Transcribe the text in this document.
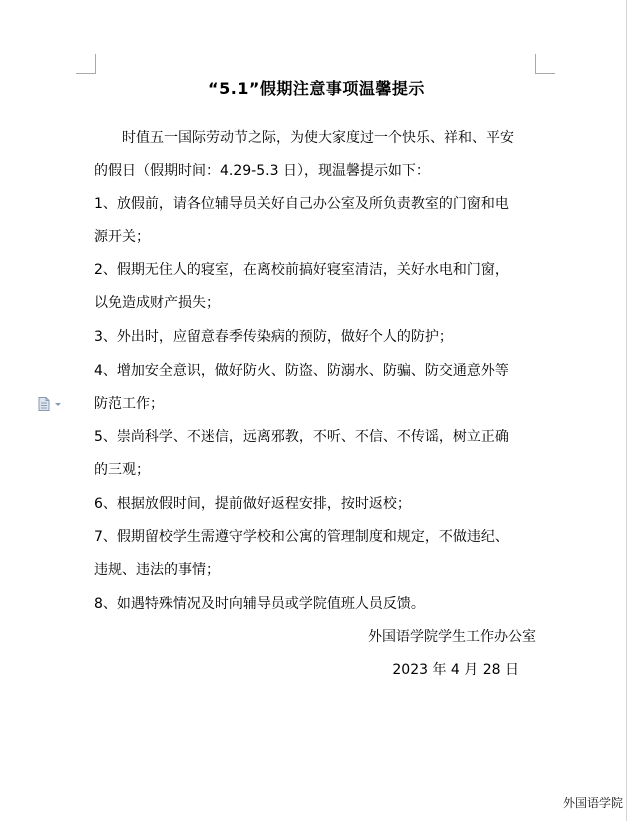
“5.1”假期注意事项温馨提示
时值五一国际劳动节之际，为使大家度过一个快乐、祥和、平安
的假日（假期时间：4.29-5.3 日），现温馨提示如下：
1、放假前，请各位辅导员关好自己办公室及所负责教室的门窗和电
源开关；
2、假期无住人的寝室，在离校前搞好寝室清洁，关好水电和门窗，
以免造成财产损失；
3、外出时，应留意春季传染病的预防，做好个人的防护；
4、增加安全意识，做好防火、防盗、防溺水、防骗、防交通意外等
防范工作；
5、崇尚科学、不迷信，远离邪教，不听、不信、不传谣，树立正确
的三观；
6、根据放假时间，提前做好返程安排，按时返校；
7、假期留校学生需遵守学校和公寓的管理制度和规定，不做违纪、
违规、违法的事情；
8、如遇特殊情况及时向辅导员或学院值班人员反馈。
外国语学院学生工作办公室
2023 年 4 月 28 日
外国语学院
